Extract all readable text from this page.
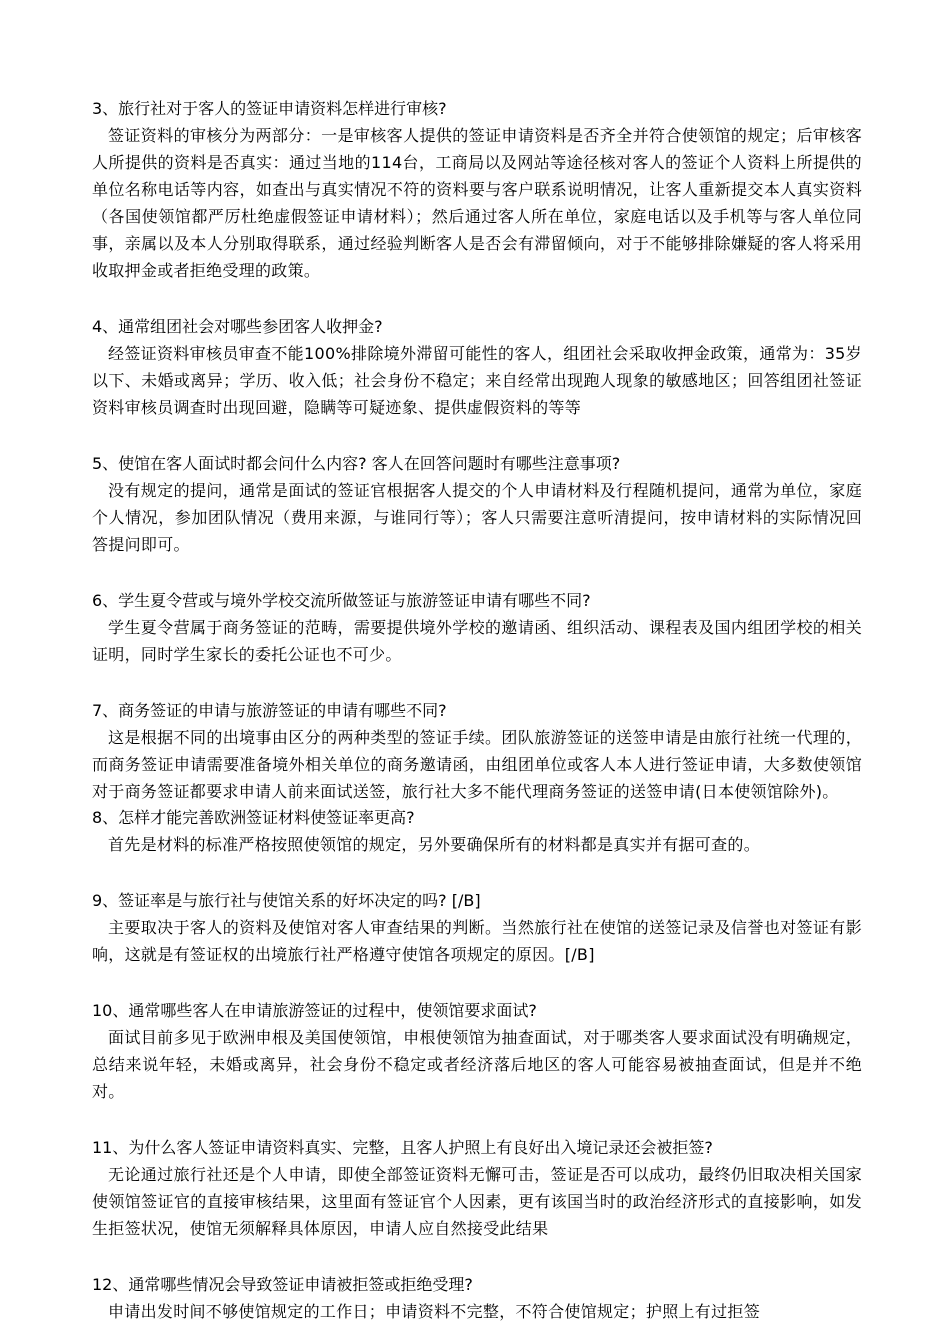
3、旅行社对于客人的签证申请资料怎样进行审核?

签证资料的审核分为两部分：一是审核客人提供的签证申请资料是否齐全并符合使领馆的规定；后审核客人所提供的资料是否真实：通过当地的114台，工商局以及网站等途径核对客人的签证个人资料上所提供的单位名称电话等内容，如查出与真实情况不符的资料要与客户联系说明情况，让客人重新提交本人真实资料（各国使领馆都严厉杜绝虚假签证申请材料）；然后通过客人所在单位，家庭电话以及手机等与客人单位同事，亲属以及本人分别取得联系，通过经验判断客人是否会有滞留倾向，对于不能够排除嫌疑的客人将采用收取押金或者拒绝受理的政策。

4、通常组团社会对哪些参团客人收押金?

经签证资料审核员审查不能100%排除境外滞留可能性的客人，组团社会采取收押金政策，通常为：35岁以下、未婚或离异；学历、收入低；社会身份不稳定；来自经常出现跑人现象的敏感地区；回答组团社签证资料审核员调查时出现回避，隐瞒等可疑迹象、提供虚假资料的等等

5、使馆在客人面试时都会问什么内容? 客人在回答问题时有哪些注意事项?

没有规定的提问，通常是面试的签证官根据客人提交的个人申请材料及行程随机提问，通常为单位，家庭个人情况，参加团队情况（费用来源，与谁同行等）；客人只需要注意听清提问，按申请材料的实际情况回答提问即可。

6、学生夏令营或与境外学校交流所做签证与旅游签证申请有哪些不同?

学生夏令营属于商务签证的范畴，需要提供境外学校的邀请函、组织活动、课程表及国内组团学校的相关证明，同时学生家长的委托公证也不可少。

7、商务签证的申请与旅游签证的申请有哪些不同?

这是根据不同的出境事由区分的两种类型的签证手续。团队旅游签证的送签申请是由旅行社统一代理的，而商务签证申请需要准备境外相关单位的商务邀请函，由组团单位或客人本人进行签证申请，大多数使领馆对于商务签证都要求申请人前来面试送签，旅行社大多不能代理商务签证的送签申请(日本使领馆除外)。

8、怎样才能完善欧洲签证材料使签证率更高?

首先是材料的标准严格按照使领馆的规定，另外要确保所有的材料都是真实并有据可查的。

9、签证率是与旅行社与使馆关系的好坏决定的吗? [/B]

主要取决于客人的资料及使馆对客人审查结果的判断。当然旅行社在使馆的送签记录及信誉也对签证有影响，这就是有签证权的出境旅行社严格遵守使馆各项规定的原因。[/B]

10、通常哪些客人在申请旅游签证的过程中，使领馆要求面试?

面试目前多见于欧洲申根及美国使领馆，申根使领馆为抽查面试，对于哪类客人要求面试没有明确规定，总结来说年轻，未婚或离异，社会身份不稳定或者经济落后地区的客人可能容易被抽查面试，但是并不绝对。

11、为什么客人签证申请资料真实、完整，且客人护照上有良好出入境记录还会被拒签?

无论通过旅行社还是个人申请，即使全部签证资料无懈可击，签证是否可以成功，最终仍旧取决相关国家使领馆签证官的直接审核结果，这里面有签证官个人因素，更有该国当时的政治经济形式的直接影响，如发生拒签状况，使馆无须解释具体原因，申请人应自然接受此结果

12、通常哪些情况会导致签证申请被拒签或拒绝受理?

申请出发时间不够使馆规定的工作日；申请资料不完整，不符合使馆规定；护照上有过拒签
